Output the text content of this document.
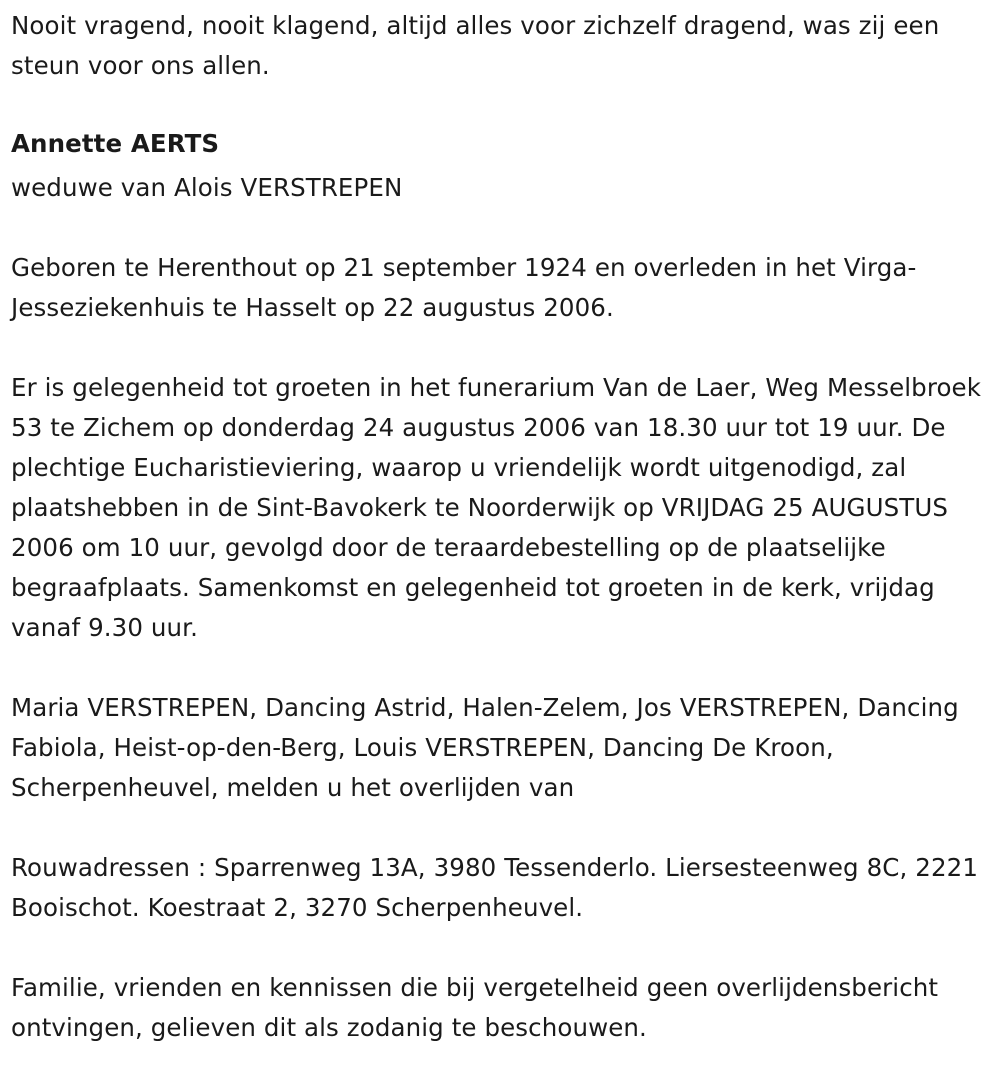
Nooit vragend, nooit klagend, altijd alles voor zichzelf dragend, was zij een steun voor ons allen.

Annette AERTS

weduwe van Alois VERSTREPEN

Geboren te Herenthout op 21 september 1924 en overleden in het Virga-Jesseziekenhuis te Hasselt op 22 augustus 2006.

Er is gelegenheid tot groeten in het funerarium Van de Laer, Weg Messelbroek 53 te Zichem op donderdag 24 augustus 2006 van 18.30 uur tot 19 uur. De plechtige Eucharistieviering, waarop u vriendelijk wordt uitgenodigd, zal plaatshebben in de Sint-Bavokerk te Noorderwijk op VRIJDAG 25 AUGUSTUS 2006 om 10 uur, gevolgd door de teraardebestelling op de plaatselijke begraafplaats. Samenkomst en gelegenheid tot groeten in de kerk, vrijdag vanaf 9.30 uur.

Maria VERSTREPEN, Dancing Astrid, Halen-Zelem, Jos VERSTREPEN, Dancing Fabiola, Heist-op-den-Berg, Louis VERSTREPEN, Dancing De Kroon, Scherpenheuvel, melden u het overlijden van

Rouwadressen : Sparrenweg 13A, 3980 Tessenderlo. Liersesteenweg 8C, 2221 Booischot. Koestraat 2, 3270 Scherpenheuvel.

Familie, vrienden en kennissen die bij vergetelheid geen overlijdensbericht ontvingen, gelieven dit als zodanig te beschouwen.
